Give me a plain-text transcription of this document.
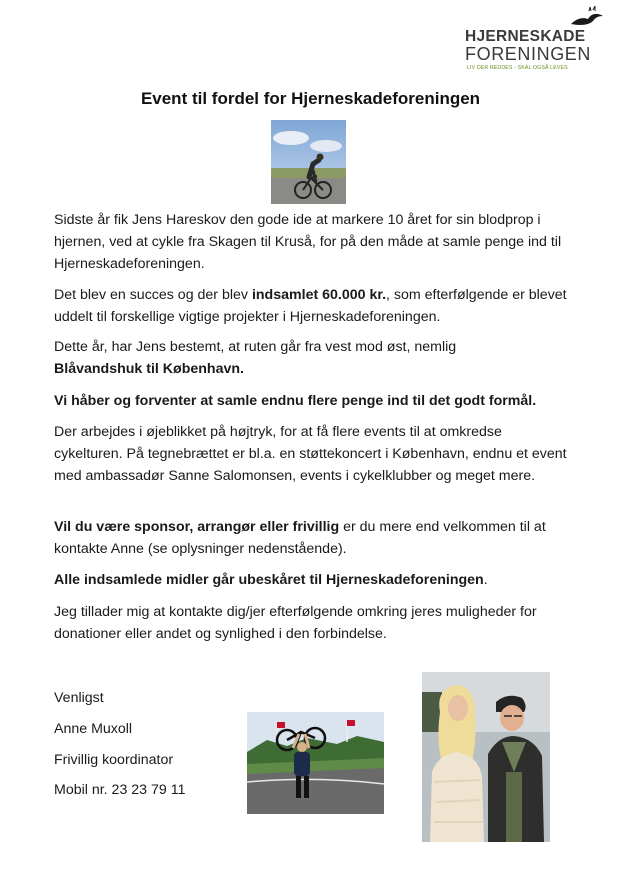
HJERNESKADE
FORENINGEN
LIV DER REDDES - SKAL OGSÅ LEVES
Event til fordel for Hjerneskadeforeningen
Sidste år fik Jens Hareskov den gode ide at markere 10 året for sin blodprop i hjernen, ved at cykle fra Skagen til Kruså, for på den måde at samle penge ind til Hjerneskadeforeningen.
Det blev en succes og der blev indsamlet 60.000 kr., som efterfølgende er blevet uddelt til forskellige vigtige projekter i Hjerneskadeforeningen.
Dette år, har Jens bestemt, at ruten går fra vest mod øst, nemlig
Blåvandshuk til København.
Vi håber og forventer at samle endnu flere penge ind til det godt formål.
Der arbejdes i øjeblikket på højtryk, for at få flere events til at omkredse cykelturen. På tegnebrættet er bl.a. en støttekoncert i København, endnu et event med ambassadør Sanne Salomonsen, events i cykelklubber og meget mere.
Vil du være sponsor, arrangør eller frivillig er du mere end velkommen til at kontakte Anne (se oplysninger nedenstående).
Alle indsamlede midler går ubeskåret til Hjerneskadeforeningen.
Jeg tillader mig at kontakte dig/jer efterfølgende omkring jeres muligheder for donationer eller andet og synlighed i den forbindelse.
Venligst
Anne Muxoll
Frivillig koordinator
Mobil nr. 23 23 79 11
